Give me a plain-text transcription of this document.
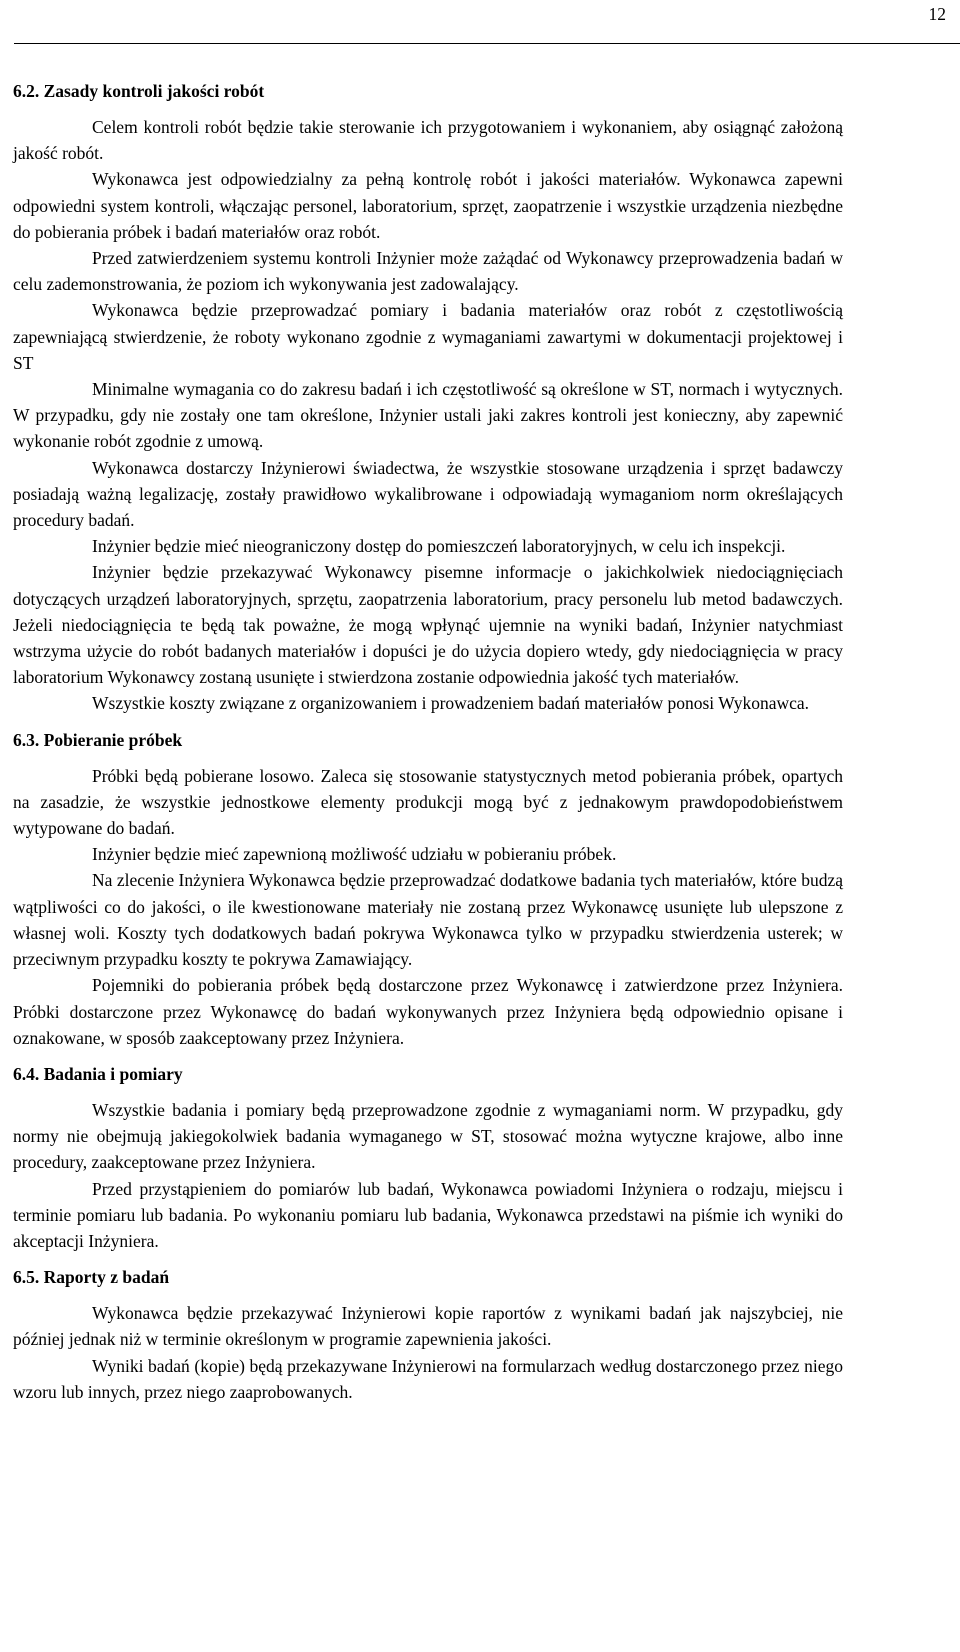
12
6.2. Zasady kontroli jakości robót

Celem kontroli robót będzie takie sterowanie ich przygotowaniem i wykonaniem, aby osiągnąć założoną jakość robót.

Wykonawca jest odpowiedzialny za pełną kontrolę robót i jakości materiałów. Wykonawca zapewni odpowiedni system kontroli, włączając personel, laboratorium, sprzęt, zaopatrzenie i wszystkie urządzenia niezbędne do pobierania próbek i badań materiałów oraz robót.

Przed zatwierdzeniem systemu kontroli Inżynier może zażądać od Wykonawcy przeprowadzenia badań w celu zademonstrowania, że poziom ich wykonywania jest zadowalający.

Wykonawca będzie przeprowadzać pomiary i badania materiałów oraz robót z częstotliwością zapewniającą stwierdzenie, że roboty wykonano zgodnie z wymaganiami zawartymi w dokumentacji projektowej i ST

Minimalne wymagania co do zakresu badań i ich częstotliwość są określone w ST, normach i wytycznych. W przypadku, gdy nie zostały one tam określone, Inżynier ustali jaki zakres kontroli jest konieczny, aby zapewnić wykonanie robót zgodnie z umową.

Wykonawca dostarczy Inżynierowi świadectwa, że wszystkie stosowane urządzenia i sprzęt badawczy posiadają ważną legalizację, zostały prawidłowo wykalibrowane i odpowiadają wymaganiom norm określających procedury badań.

Inżynier będzie mieć nieograniczony dostęp do pomieszczeń laboratoryjnych, w celu ich inspekcji.

Inżynier będzie przekazywać Wykonawcy pisemne informacje o jakichkolwiek niedociągnięciach dotyczących urządzeń laboratoryjnych, sprzętu, zaopatrzenia laboratorium, pracy personelu lub metod badawczych. Jeżeli niedociągnięcia te będą tak poważne, że mogą wpłynąć ujemnie na wyniki badań, Inżynier natychmiast wstrzyma użycie do robót badanych materiałów i dopuści je do użycia dopiero wtedy, gdy niedociągnięcia w pracy laboratorium Wykonawcy zostaną usunięte i stwierdzona zostanie odpowiednia jakość tych materiałów.

Wszystkie koszty związane z organizowaniem i prowadzeniem badań materiałów ponosi Wykonawca.

6.3. Pobieranie próbek

Próbki będą pobierane losowo. Zaleca się stosowanie statystycznych metod pobierania próbek, opartych na zasadzie, że wszystkie jednostkowe elementy produkcji mogą być z jednakowym prawdopodobieństwem wytypowane do badań.

Inżynier będzie mieć zapewnioną możliwość udziału w pobieraniu próbek.

Na zlecenie Inżyniera Wykonawca będzie przeprowadzać dodatkowe badania tych materiałów, które budzą wątpliwości co do jakości, o ile kwestionowane materiały nie zostaną przez Wykonawcę usunięte lub ulepszone z własnej woli. Koszty tych dodatkowych badań pokrywa Wykonawca tylko w przypadku stwierdzenia usterek; w przeciwnym przypadku koszty te pokrywa Zamawiający.

Pojemniki do pobierania próbek będą dostarczone przez Wykonawcę i zatwierdzone przez Inżyniera. Próbki dostarczone przez Wykonawcę do badań wykonywanych przez Inżyniera będą odpowiednio opisane i oznakowane, w sposób zaakceptowany przez Inżyniera.

6.4. Badania i pomiary

Wszystkie badania i pomiary będą przeprowadzone zgodnie z wymaganiami norm. W przypadku, gdy normy nie obejmują jakiegokolwiek badania wymaganego w ST, stosować można wytyczne krajowe, albo inne procedury, zaakceptowane przez Inżyniera.

Przed przystąpieniem do pomiarów lub badań, Wykonawca powiadomi Inżyniera o rodzaju, miejscu i terminie pomiaru lub badania. Po wykonaniu pomiaru lub badania, Wykonawca przedstawi na piśmie ich wyniki do akceptacji Inżyniera.

6.5. Raporty z badań

Wykonawca będzie przekazywać Inżynierowi kopie raportów z wynikami badań jak najszybciej, nie później jednak niż w terminie określonym w programie zapewnienia jakości.

Wyniki badań (kopie) będą przekazywane Inżynierowi na formularzach według dostarczonego przez niego wzoru lub innych, przez niego zaaprobowanych.
